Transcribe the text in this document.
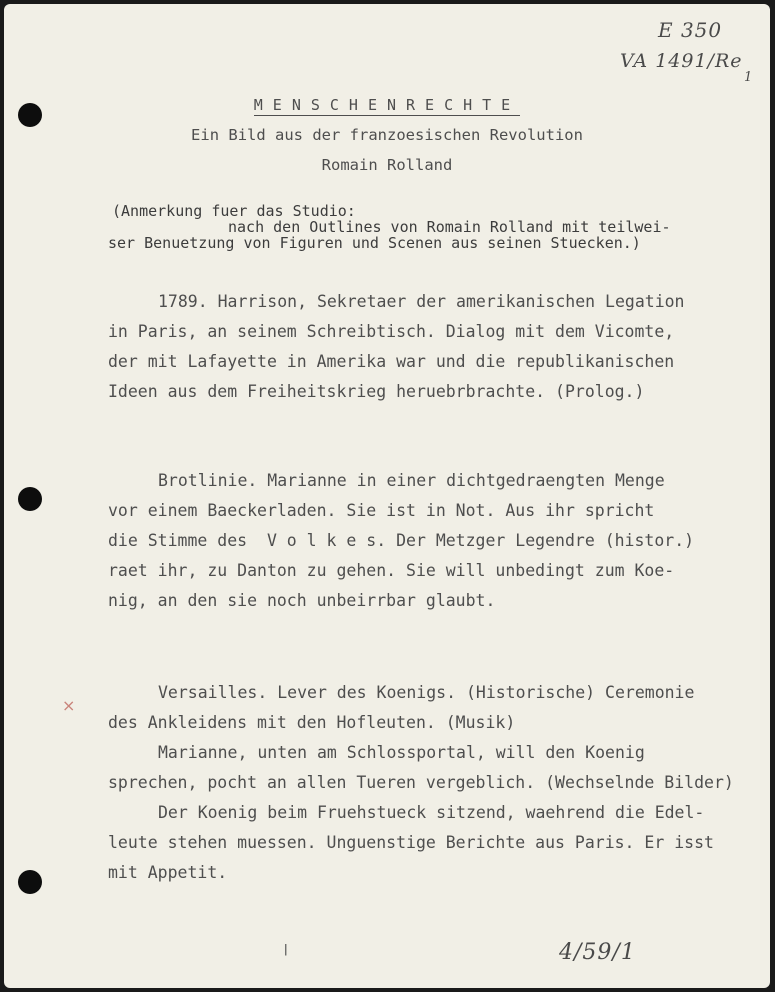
E 350
VA 1491/Re
1
MENSCHENRECHTE
Ein Bild aus der franzoesischen Revolution
Romain Rolland
(Anmerkung fuer das Studio:
nach den Outlines von Romain Rolland mit teilwei-
ser Benuetzung von Figuren und Scenen aus seinen Stuecken.)
1789. Harrison, Sekretaer der amerikanischen Legation
in Paris, an seinem Schreibtisch. Dialog mit dem Vicomte,
der mit Lafayette in Amerika war und die republikanischen
Ideen aus dem Freiheitskrieg heruebrbrachte. (Prolog.)
Brotlinie. Marianne in einer dichtgedraengten Menge
vor einem Baeckerladen. Sie ist in Not. Aus ihr spricht
die Stimme des  V o l k e s. Der Metzger Legendre (histor.)
raet ihr, zu Danton zu gehen. Sie will unbedingt zum Koe-
nig, an den sie noch unbeirrbar glaubt.
×
Versailles. Lever des Koenigs. (Historische) Ceremonie
des Ankleidens mit den Hofleuten. (Musik)
Marianne, unten am Schlossportal, will den Koenig
sprechen, pocht an allen Tueren vergeblich. (Wechselnde Bilder)
Der Koenig beim Fruehstueck sitzend, waehrend die Edel-
leute stehen muessen. Unguenstige Berichte aus Paris. Er isst
mit Appetit.
ǀ	4/59/1
